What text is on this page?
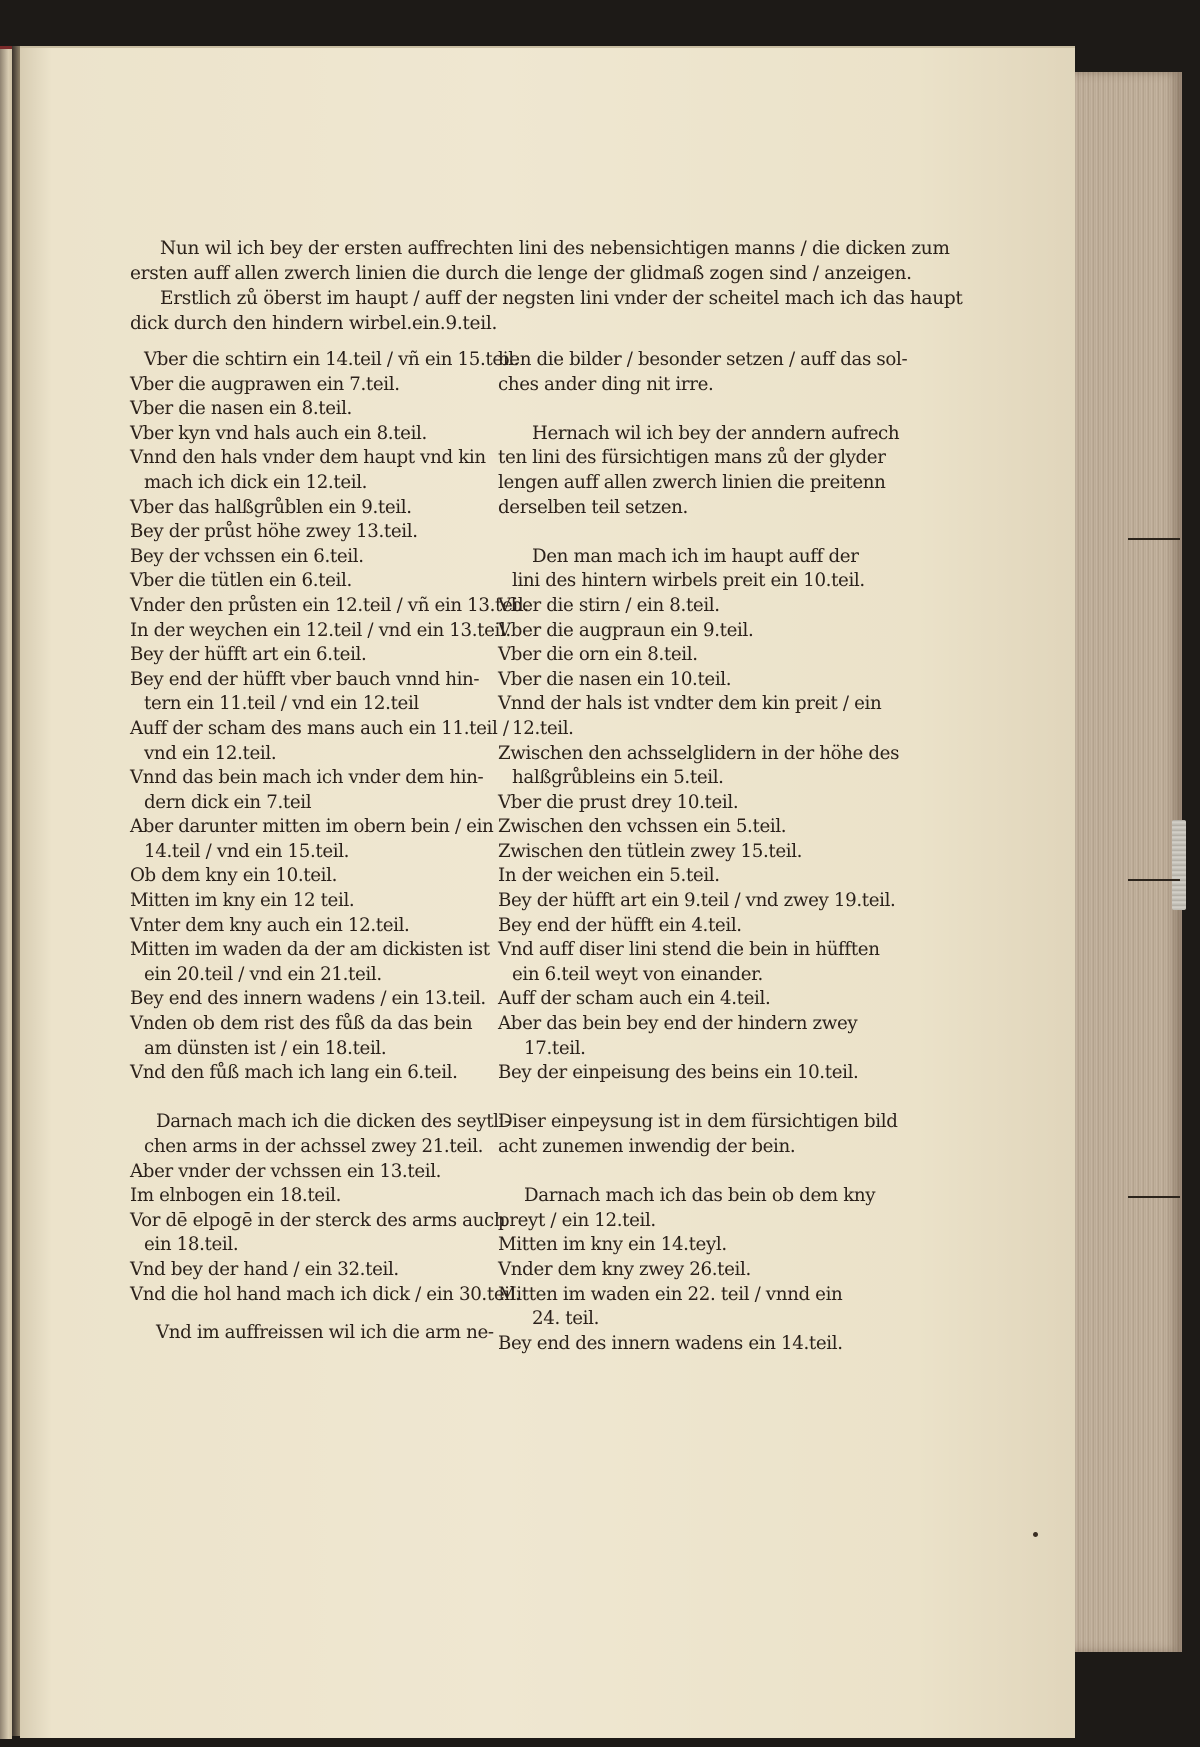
Nun wil ich bey der ersten auffrechten lini des nebensichtigen manns / die dicken zum

ersten auff allen zwerch linien die durch die lenge der glidmaß zogen sind / anzeigen.

Erstlich zů öberst im haupt / auff der negsten lini vnder der scheitel mach ich das haupt

dick durch den hindern wirbel.ein.9.teil.

Vber die schtirn ein 14.teil / vñ ein 15.teil.

Vber die augprawen ein 7.teil.

Vber die nasen ein 8.teil.

Vber kyn vnd hals auch ein 8.teil.

Vnnd den hals vnder dem haupt vnd kin

mach ich dick ein 12.teil.

Vber das halßgrůblen ein 9.teil.

Bey der průst höhe zwey 13.teil.

Bey der vchssen ein 6.teil.

Vber die tütlen ein 6.teil.

Vnder den průsten ein 12.teil / vñ ein 13.teil.

In der weychen ein 12.teil / vnd ein 13.teil.

Bey der hüfft art ein 6.teil.

Bey end der hüfft vber bauch vnnd hin-

tern ein 11.teil / vnd ein 12.teil

Auff der scham des mans auch ein 11.teil /

vnd ein 12.teil.

Vnnd das bein mach ich vnder dem hin-

dern dick ein 7.teil

Aber darunter mitten im obern bein / ein

14.teil / vnd ein 15.teil.

Ob dem kny ein 10.teil.

Mitten im kny ein 12 teil.

Vnter dem kny auch ein 12.teil.

Mitten im waden da der am dickisten ist

ein 20.teil / vnd ein 21.teil.

Bey end des innern wadens / ein 13.teil.

Vnden ob dem rist des fůß da das bein

am dünsten ist / ein 18.teil.

Vnd den fůß mach ich lang ein 6.teil.

Darnach mach ich die dicken des seytli-

chen arms in der achssel zwey 21.teil.

Aber vnder der vchssen ein 13.teil.

Im elnbogen ein 18.teil.

Vor dē elpogē in der sterck des arms auch

ein 18.teil.

Vnd bey der hand / ein 32.teil.

Vnd die hol hand mach ich dick / ein 30.teil.

Vnd im auffreissen wil ich die arm ne-

ben die bilder / besonder setzen / auff das sol-

ches ander ding nit irre.

Hernach wil ich bey der anndern aufrech

ten lini des fürsichtigen mans zů der glyder

lengen auff allen zwerch linien die preitenn

derselben teil setzen.

Den man mach ich im haupt auff der

lini des hintern wirbels preit ein 10.teil.

Vber die stirn / ein 8.teil.

Vber die augpraun ein 9.teil.

Vber die orn ein 8.teil.

Vber die nasen ein 10.teil.

Vnnd der hals ist vndter dem kin preit / ein

12.teil.

Zwischen den achsselglidern in der höhe des

halßgrůbleins ein 5.teil.

Vber die prust drey 10.teil.

Zwischen den vchssen ein 5.teil.

Zwischen den tütlein zwey 15.teil.

In der weichen ein 5.teil.

Bey der hüfft art ein 9.teil / vnd zwey 19.teil.

Bey end der hüfft ein 4.teil.

Vnd auff diser lini stend die bein in hüfften

ein 6.teil weyt von einander.

Auff der scham auch ein 4.teil.

Aber das bein bey end der hindern zwey

17.teil.

Bey der einpeisung des beins ein 10.teil.

Diser einpeysung ist in dem fürsichtigen bild

acht zunemen inwendig der bein.

Darnach mach ich das bein ob dem kny

preyt / ein 12.teil.

Mitten im kny ein 14.teyl.

Vnder dem kny zwey 26.teil.

Mitten im waden ein 22. teil / vnnd ein

24. teil.

Bey end des innern wadens ein 14.teil.
